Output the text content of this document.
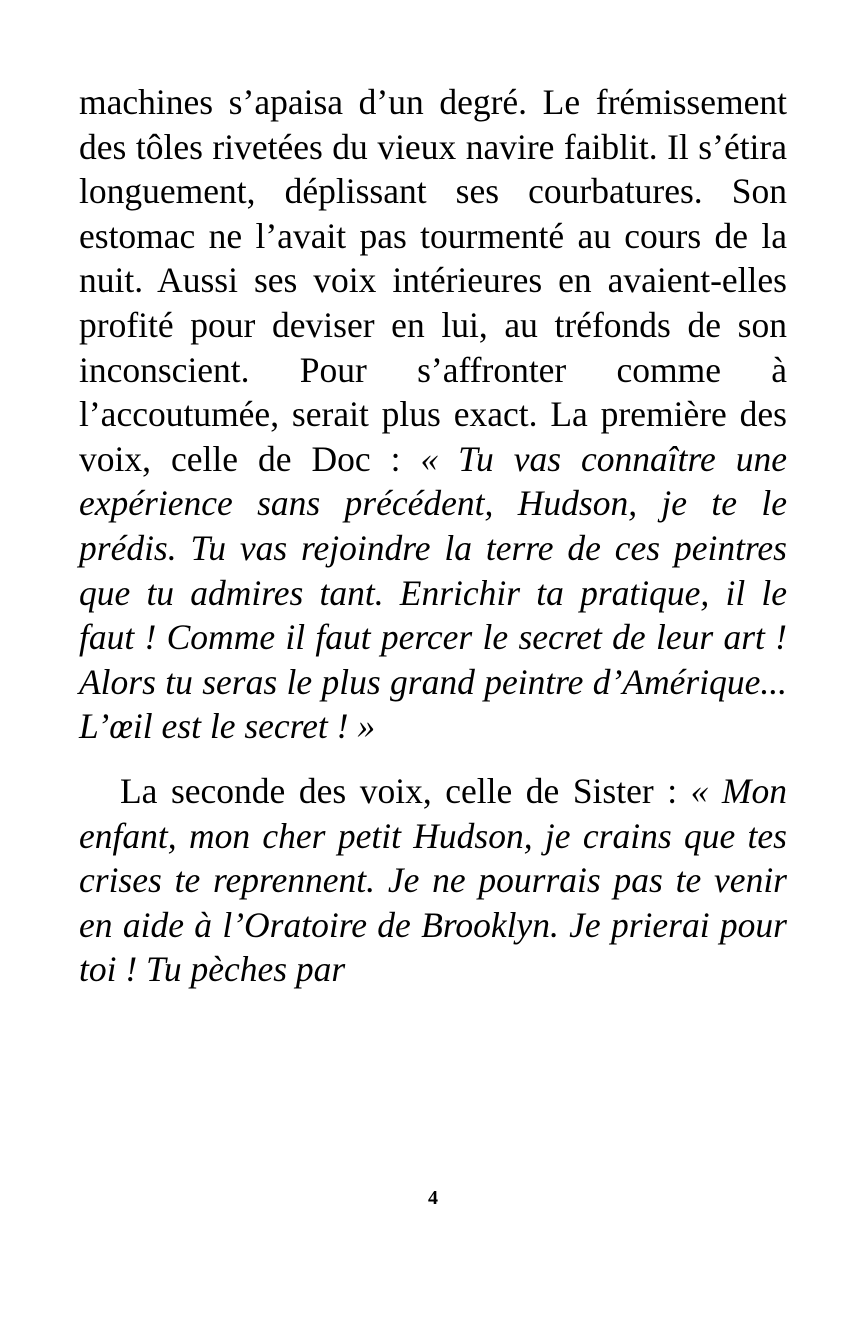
machines s’apaisa d’un degré. Le frémissement des tôles rivetées du vieux navire faiblit. Il s’étira longuement, déplissant ses courbatures. Son estomac ne l’avait pas tourmenté au cours de la nuit. Aussi ses voix intérieures en avaient-elles profité pour deviser en lui, au tréfonds de son inconscient. Pour s’affronter comme à l’accoutumée, serait plus exact. La première des voix, celle de Doc : « Tu vas connaître une expérience sans précédent, Hudson, je te le prédis. Tu vas rejoindre la terre de ces peintres que tu admires tant. Enrichir ta pratique, il le faut ! Comme il faut percer le secret de leur art ! Alors tu seras le plus grand peintre d’Amérique... L’œil est le secret ! »

La seconde des voix, celle de Sister : « Mon enfant, mon cher petit Hudson, je crains que tes crises te reprennent. Je ne pourrais pas te venir en aide à l’Oratoire de Brooklyn. Je prierai pour toi ! Tu pèches par

4
